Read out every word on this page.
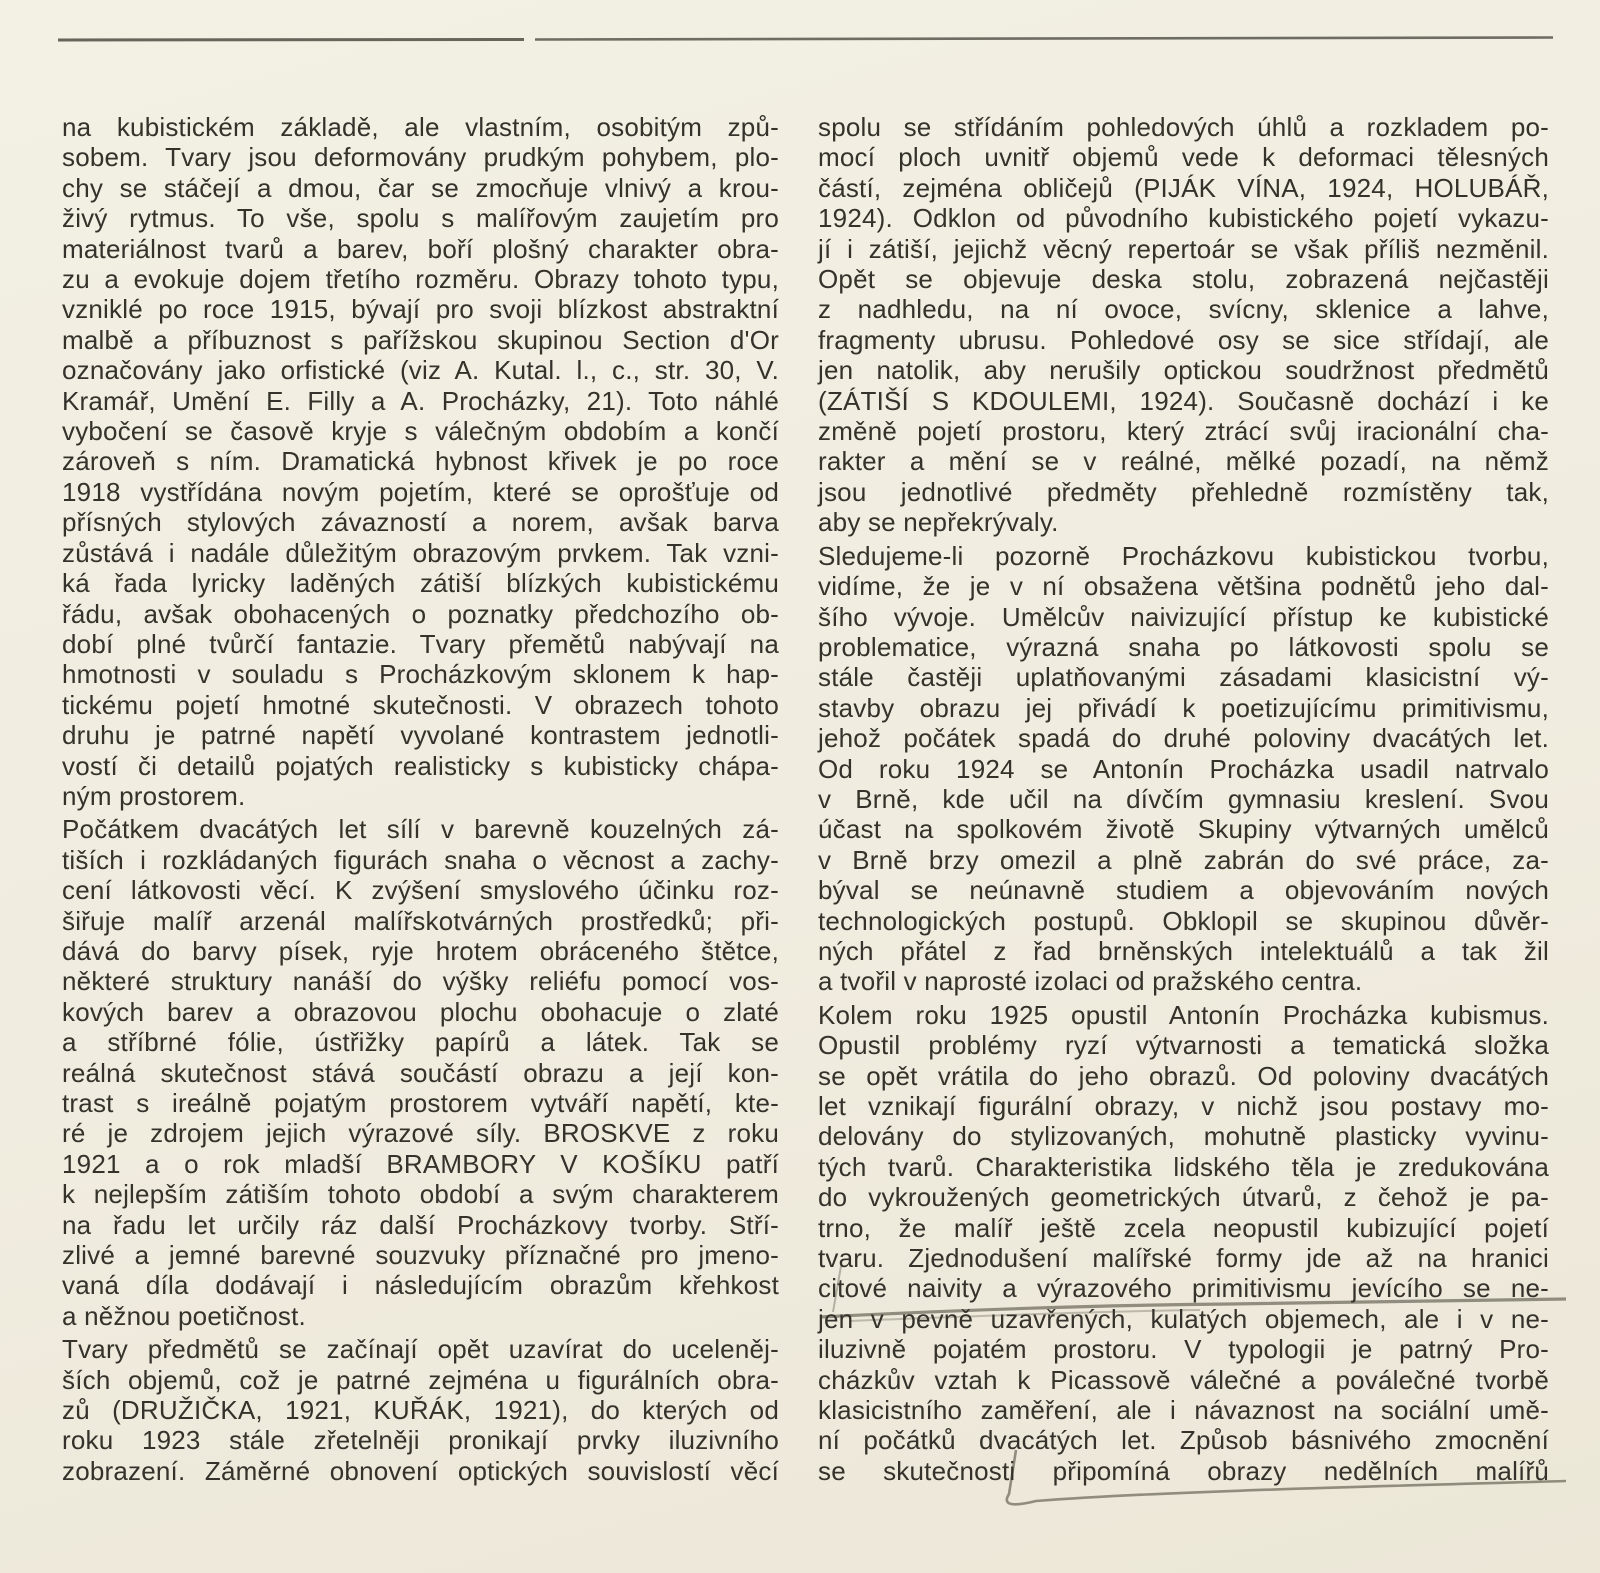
na kubistickém základě, ale vlastním, osobitým způ-
sobem. Tvary jsou deformovány prudkým pohybem, plo-
chy se stáčejí a dmou, čar se zmocňuje vlnivý a krou-
živý rytmus. To vše, spolu s malířovým zaujetím pro
materiálnost tvarů a barev, boří plošný charakter obra-
zu a evokuje dojem třetího rozměru. Obrazy tohoto typu,
vzniklé po roce 1915, bývají pro svoji blízkost abstraktní
malbě a příbuznost s pařížskou skupinou Section d'Or
označovány jako orfistické (viz A. Kutal. l., c., str. 30, V.
Kramář, Umění E. Filly a A. Procházky, 21). Toto náhlé
vybočení se časově kryje s válečným obdobím a končí
zároveň s ním. Dramatická hybnost křivek je po roce
1918 vystřídána novým pojetím, které se oprošťuje od
přísných stylových závazností a norem, avšak barva
zůstává i nadále důležitým obrazovým prvkem. Tak vzni-
ká řada lyricky laděných zátiší blízkých kubistickému
řádu, avšak obohacených o poznatky předchozího ob-
dobí plné tvůrčí fantazie. Tvary přemětů nabývají na
hmotnosti v souladu s Procházkovým sklonem k hap-
tickému pojetí hmotné skutečnosti. V obrazech tohoto
druhu je patrné napětí vyvolané kontrastem jednotli-
vostí či detailů pojatých realisticky s kubisticky chápa-
ným prostorem.
Počátkem dvacátých let sílí v barevně kouzelných zá-
tiších i rozkládaných figurách snaha o věcnost a zachy-
cení látkovosti věcí. K zvýšení smyslového účinku roz-
šiřuje malíř arzenál malířskotvárných prostředků; při-
dává do barvy písek, ryje hrotem obráceného štětce,
některé struktury nanáší do výšky reliéfu pomocí vos-
kových barev a obrazovou plochu obohacuje o zlaté
a stříbrné fólie, ústřižky papírů a látek. Tak se
reálná skutečnost stává součástí obrazu a její kon-
trast s ireálně pojatým prostorem vytváří napětí, kte-
ré je zdrojem jejich výrazové síly. BROSKVE z roku
1921 a o rok mladší BRAMBORY V KOŠÍKU patří
k nejlepším zátiším tohoto období a svým charakterem
na řadu let určily ráz další Procházkovy tvorby. Stří-
zlivé a jemné barevné souzvuky příznačné pro jmeno-
vaná díla dodávají i následujícím obrazům křehkost
a něžnou poetičnost.
Tvary předmětů se začínají opět uzavírat do uceleněj-
ších objemů, což je patrné zejména u figurálních obra-
zů (DRUŽIČKA, 1921, KUŘÁK, 1921), do kterých od
roku 1923 stále zřetelněji pronikají prvky iluzivního
zobrazení. Záměrné obnovení optických souvislostí věcí
spolu se střídáním pohledových úhlů a rozkladem po-
mocí ploch uvnitř objemů vede k deformaci tělesných
částí, zejména obličejů (PIJÁK VÍNA, 1924, HOLUBÁŘ,
1924). Odklon od původního kubistického pojetí vykazu-
jí i zátiší, jejichž věcný repertoár se však příliš nezměnil.
Opět se objevuje deska stolu, zobrazená nejčastěji
z nadhledu, na ní ovoce, svícny, sklenice a lahve,
fragmenty ubrusu. Pohledové osy se sice střídají, ale
jen natolik, aby nerušily optickou soudržnost předmětů
(ZÁTIŠÍ S KDOULEMI, 1924). Současně dochází i ke
změně pojetí prostoru, který ztrácí svůj iracionální cha-
rakter a mění se v reálné, mělké pozadí, na němž
jsou jednotlivé předměty přehledně rozmístěny tak,
aby se nepřekrývaly.
Sledujeme-li pozorně Procházkovu kubistickou tvorbu,
vidíme, že je v ní obsažena většina podnětů jeho dal-
šího vývoje. Umělcův naivizující přístup ke kubistické
problematice, výrazná snaha po látkovosti spolu se
stále častěji uplatňovanými zásadami klasicistní vý-
stavby obrazu jej přivádí k poetizujícímu primitivismu,
jehož počátek spadá do druhé poloviny dvacátých let.
Od roku 1924 se Antonín Procházka usadil natrvalo
v Brně, kde učil na dívčím gymnasiu kreslení. Svou
účast na spolkovém životě Skupiny výtvarných umělců
v Brně brzy omezil a plně zabrán do své práce, za-
býval se neúnavně studiem a objevováním nových
technologických postupů. Obklopil se skupinou důvěr-
ných přátel z řad brněnských intelektuálů a tak žil
a tvořil v naprosté izolaci od pražského centra.
Kolem roku 1925 opustil Antonín Procházka kubismus.
Opustil problémy ryzí výtvarnosti a tematická složka
se opět vrátila do jeho obrazů. Od poloviny dvacátých
let vznikají figurální obrazy, v nichž jsou postavy mo-
delovány do stylizovaných, mohutně plasticky vyvinu-
tých tvarů. Charakteristika lidského těla je zredukována
do vykroužených geometrických útvarů, z čehož je pa-
trno, že malíř ještě zcela neopustil kubizující pojetí
tvaru. Zjednodušení malířské formy jde až na hranici
citové naivity a výrazového primitivismu jevícího se ne-
jen v pevně uzavřených, kulatých objemech, ale i v ne-
iluzivně pojatém prostoru. V typologii je patrný Pro-
cházkův vztah k Picassově válečné a poválečné tvorbě
klasicistního zaměření, ale i návaznost na sociální umě-
ní počátků dvacátých let. Způsob básnivého zmocnění
se skutečnosti připomíná obrazy nedělních malířů
